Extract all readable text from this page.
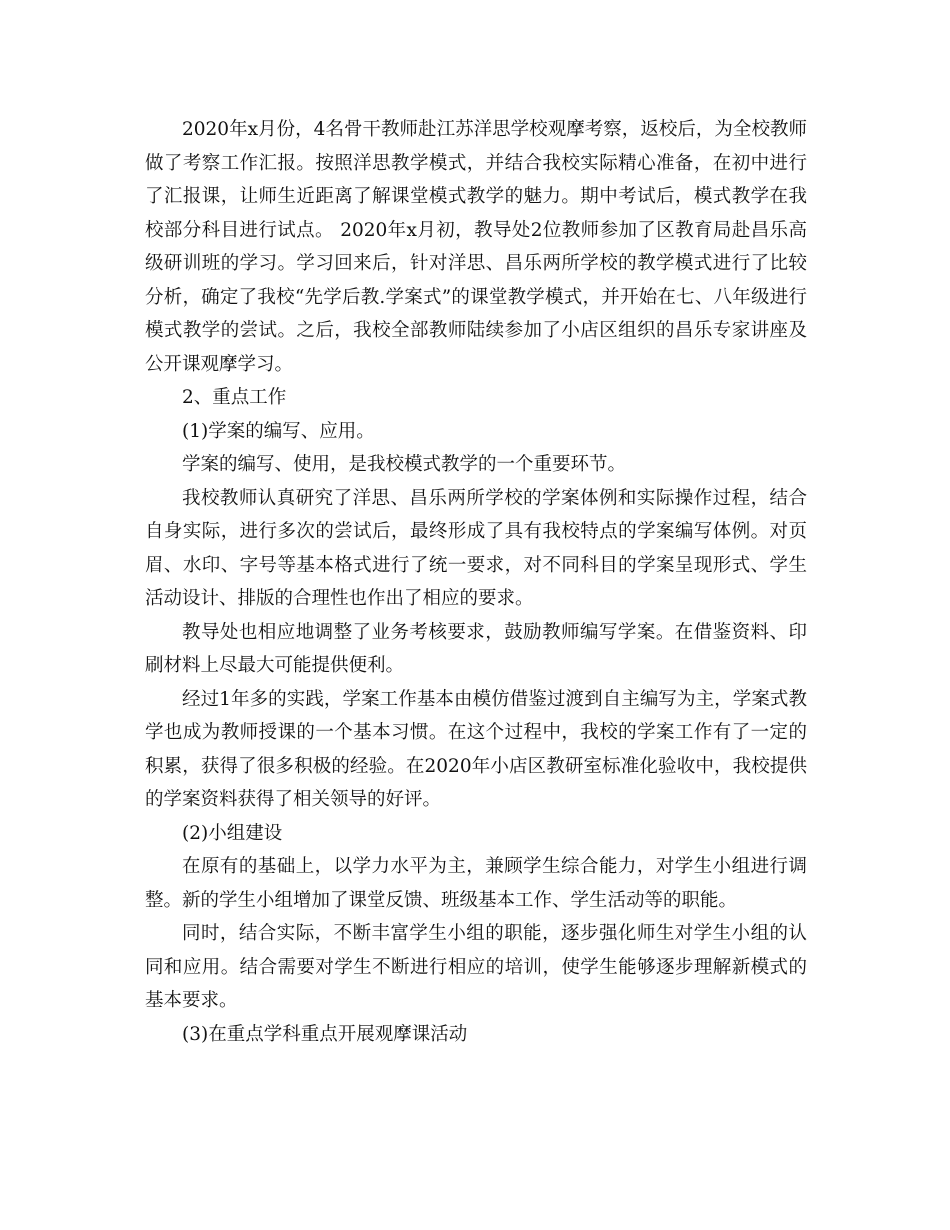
2020年x月份，4名骨干教师赴江苏洋思学校观摩考察，返校后，为全校教师做了考察工作汇报。按照洋思教学模式，并结合我校实际精心准备，在初中进行了汇报课，让师生近距离了解课堂模式教学的魅力。期中考试后，模式教学在我校部分科目进行试点。 2020年x月初，教导处2位教师参加了区教育局赴昌乐高级研训班的学习。学习回来后，针对洋思、昌乐两所学校的教学模式进行了比较分析，确定了我校“先学后教.学案式”的课堂教学模式，并开始在七、八年级进行模式教学的尝试。之后，我校全部教师陆续参加了小店区组织的昌乐专家讲座及公开课观摩学习。

2、重点工作

(1)学案的编写、应用。

学案的编写、使用，是我校模式教学的一个重要环节。

我校教师认真研究了洋思、昌乐两所学校的学案体例和实际操作过程，结合自身实际，进行多次的尝试后，最终形成了具有我校特点的学案编写体例。对页眉、水印、字号等基本格式进行了统一要求，对不同科目的学案呈现形式、学生活动设计、排版的合理性也作出了相应的要求。

教导处也相应地调整了业务考核要求，鼓励教师编写学案。在借鉴资料、印刷材料上尽最大可能提供便利。

经过1年多的实践，学案工作基本由模仿借鉴过渡到自主编写为主，学案式教学也成为教师授课的一个基本习惯。在这个过程中，我校的学案工作有了一定的积累，获得了很多积极的经验。在2020年小店区教研室标准化验收中，我校提供的学案资料获得了相关领导的好评。

(2)小组建设

在原有的基础上，以学力水平为主，兼顾学生综合能力，对学生小组进行调整。新的学生小组增加了课堂反馈、班级基本工作、学生活动等的职能。

同时，结合实际，不断丰富学生小组的职能，逐步强化师生对学生小组的认同和应用。结合需要对学生不断进行相应的培训，使学生能够逐步理解新模式的基本要求。

(3)在重点学科重点开展观摩课活动
